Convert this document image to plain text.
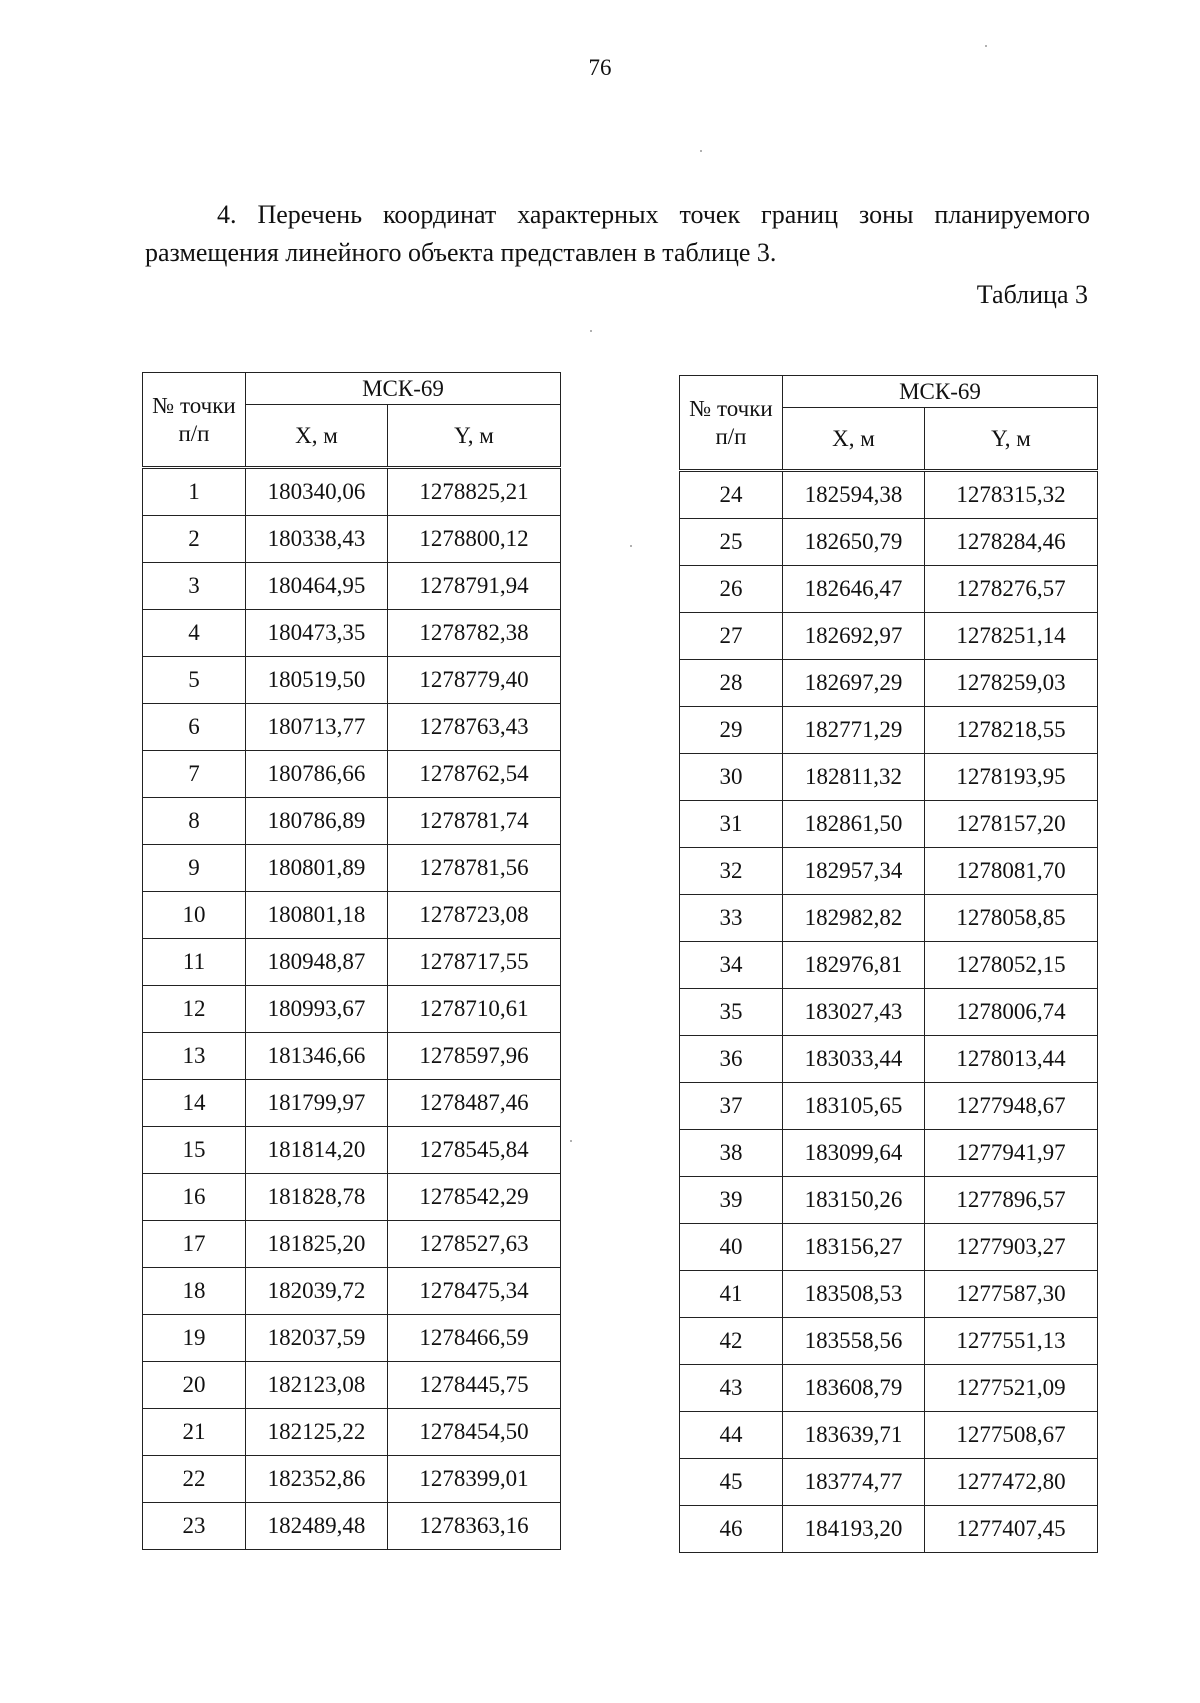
76

4. Перечень координат характерных точек границ зоны планируемого размещения линейного объекта представлен в таблице 3.

Таблица 3
№ точки п/п	МСК-69	
	X, м	Y, м
1	180340,06	1278825,21
2	180338,43	1278800,12
3	180464,95	1278791,94
4	180473,35	1278782,38
5	180519,50	1278779,40
6	180713,77	1278763,43
7	180786,66	1278762,54
8	180786,89	1278781,74
9	180801,89	1278781,56
10	180801,18	1278723,08
11	180948,87	1278717,55
12	180993,67	1278710,61
13	181346,66	1278597,96
14	181799,97	1278487,46
15	181814,20	1278545,84
16	181828,78	1278542,29
17	181825,20	1278527,63
18	182039,72	1278475,34
19	182037,59	1278466,59
20	182123,08	1278445,75
21	182125,22	1278454,50
22	182352,86	1278399,01
23	182489,48	1278363,16
№ точки п/п	МСК-69	
	X, м	Y, м
24	182594,38	1278315,32
25	182650,79	1278284,46
26	182646,47	1278276,57
27	182692,97	1278251,14
28	182697,29	1278259,03
29	182771,29	1278218,55
30	182811,32	1278193,95
31	182861,50	1278157,20
32	182957,34	1278081,70
33	182982,82	1278058,85
34	182976,81	1278052,15
35	183027,43	1278006,74
36	183033,44	1278013,44
37	183105,65	1277948,67
38	183099,64	1277941,97
39	183150,26	1277896,57
40	183156,27	1277903,27
41	183508,53	1277587,30
42	183558,56	1277551,13
43	183608,79	1277521,09
44	183639,71	1277508,67
45	183774,77	1277472,80
46	184193,20	1277407,45
